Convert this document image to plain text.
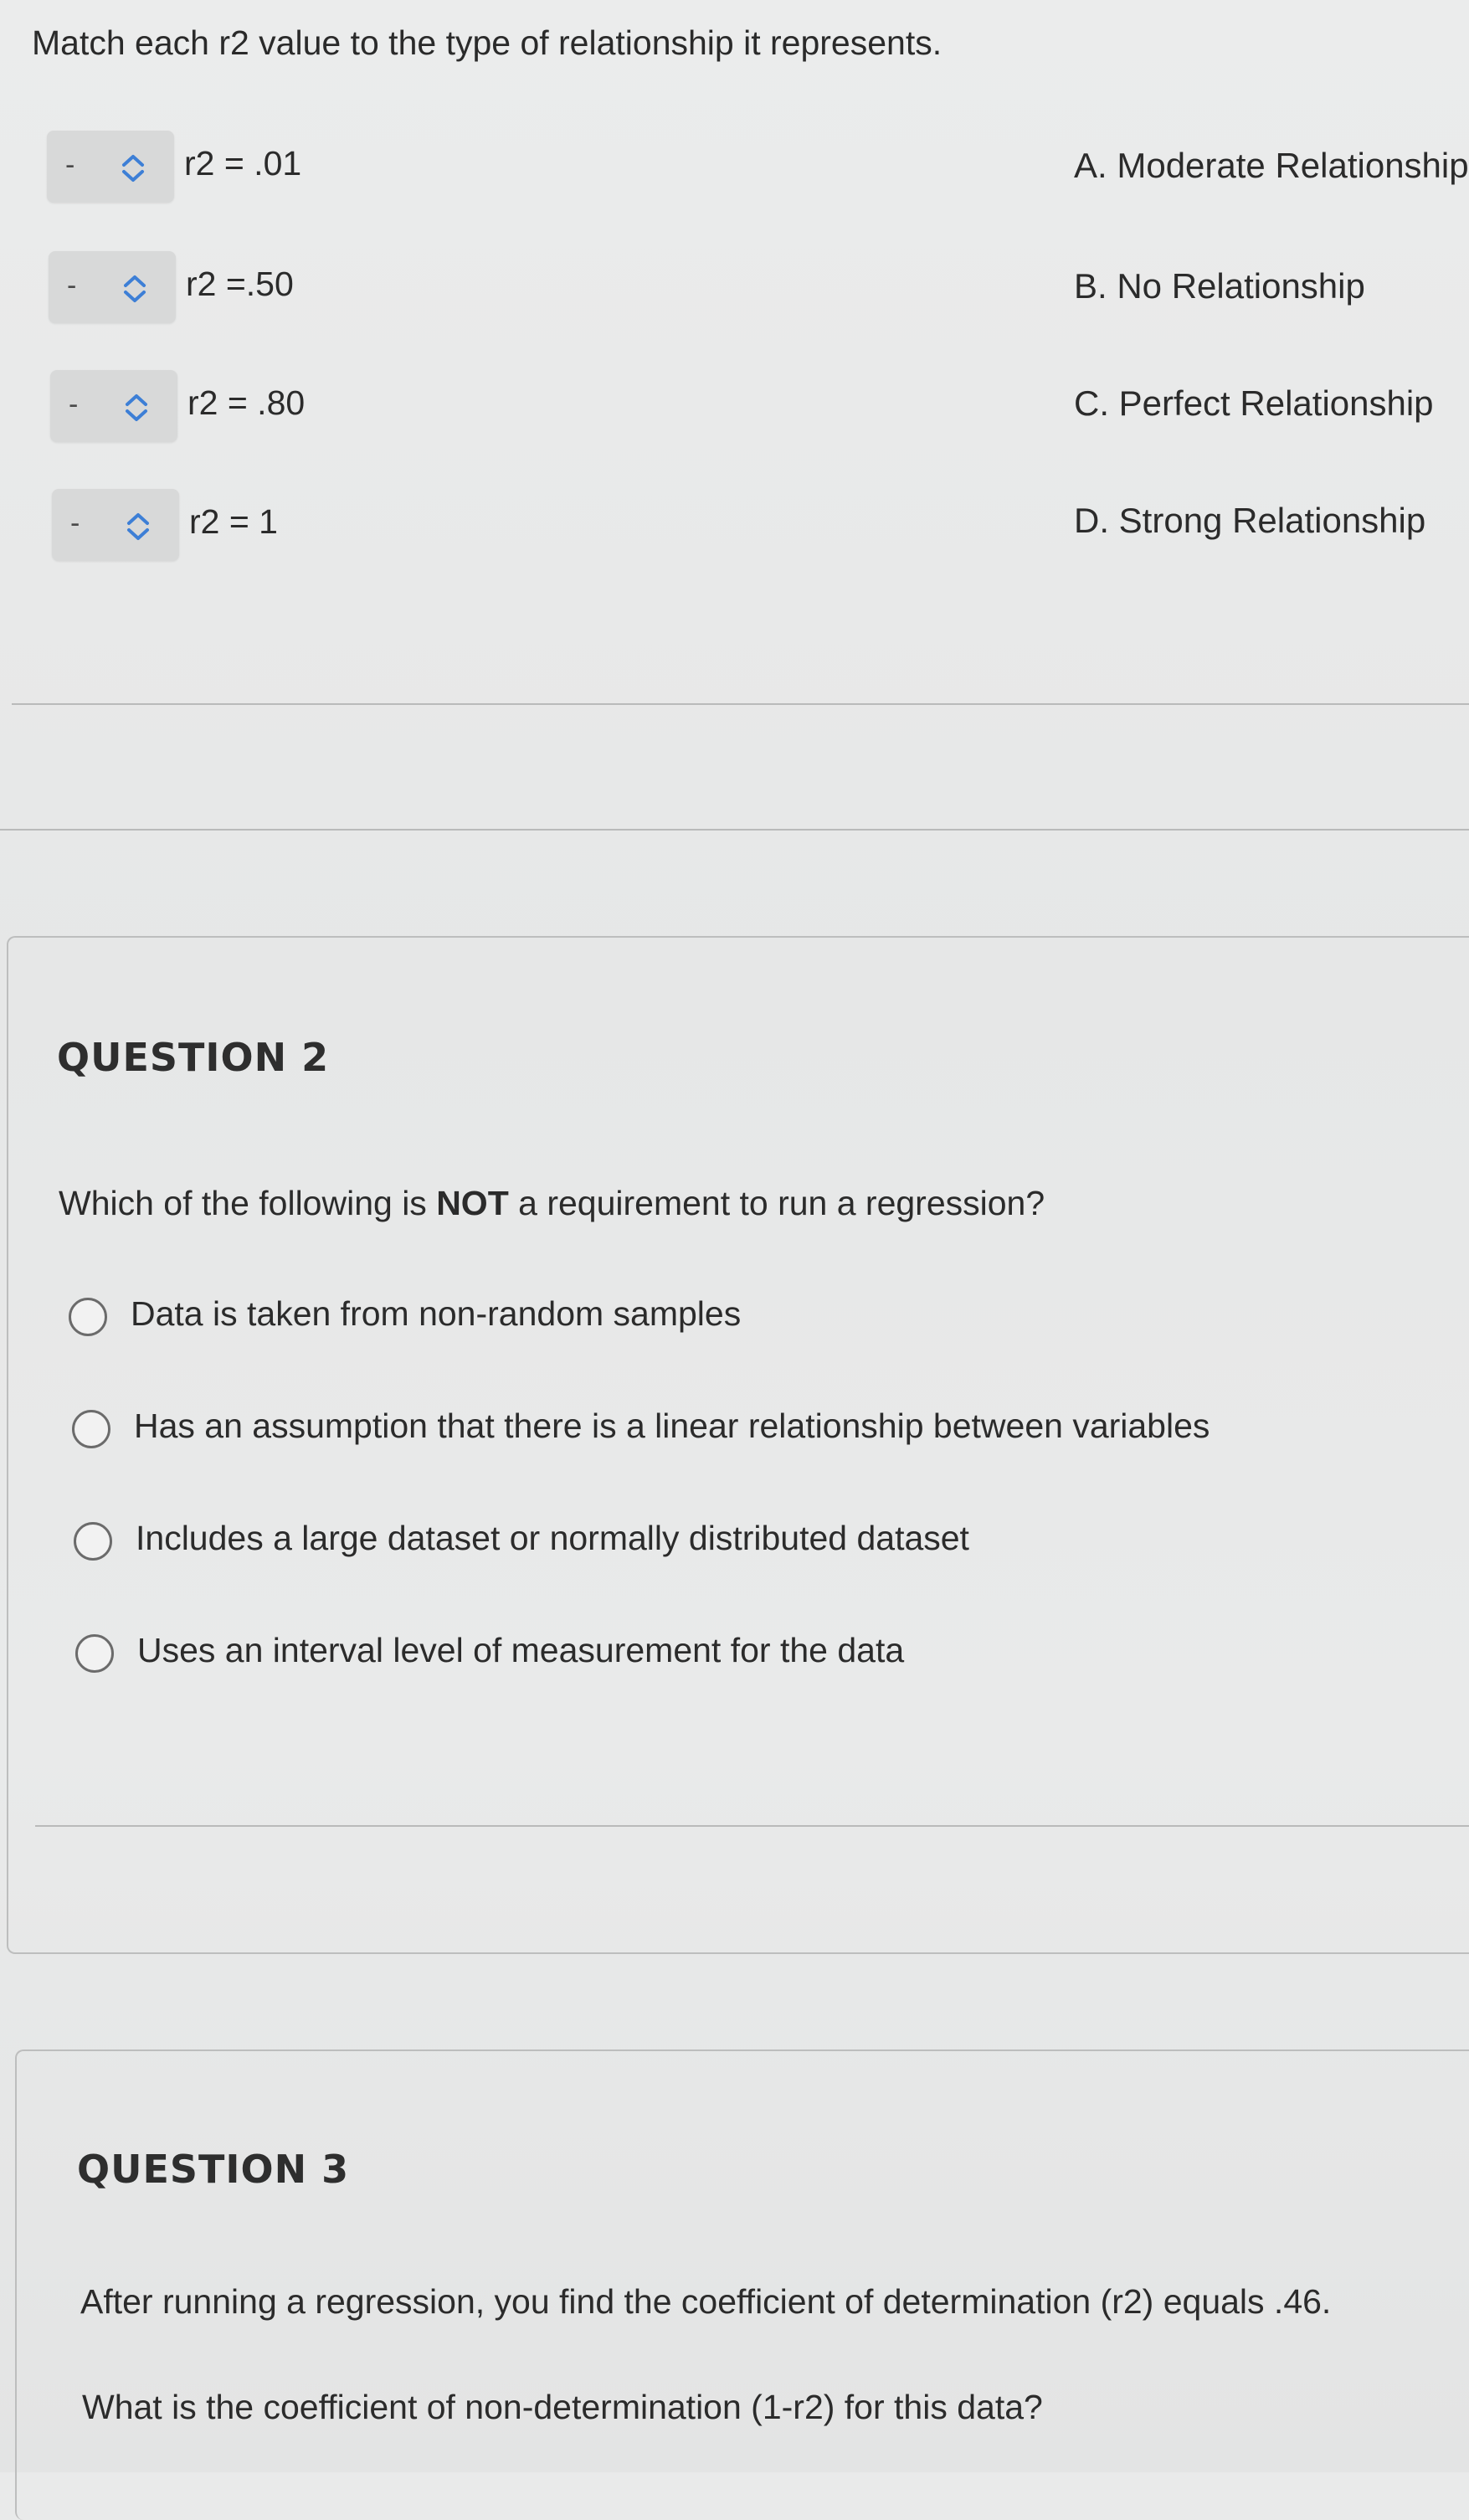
Match each r2 value to the type of relationship it represents.
-	r2 = .01	A. Moderate Relationship
-	r2 =.50	B. No Relationship
-	r2 = .80	C. Perfect Relationship
-	r2 = 1	D. Strong Relationship
QUESTION 2
Which of the following is NOT a requirement to run a regression?
Data is taken from non-random samples
Has an assumption that there is a linear relationship between variables
Includes a large dataset or normally distributed dataset
Uses an interval level of measurement for the data
QUESTION 3
After running a regression, you find the coefficient of determination (r2) equals .46.
What is the coefficient of non-determination (1-r2) for this data?
